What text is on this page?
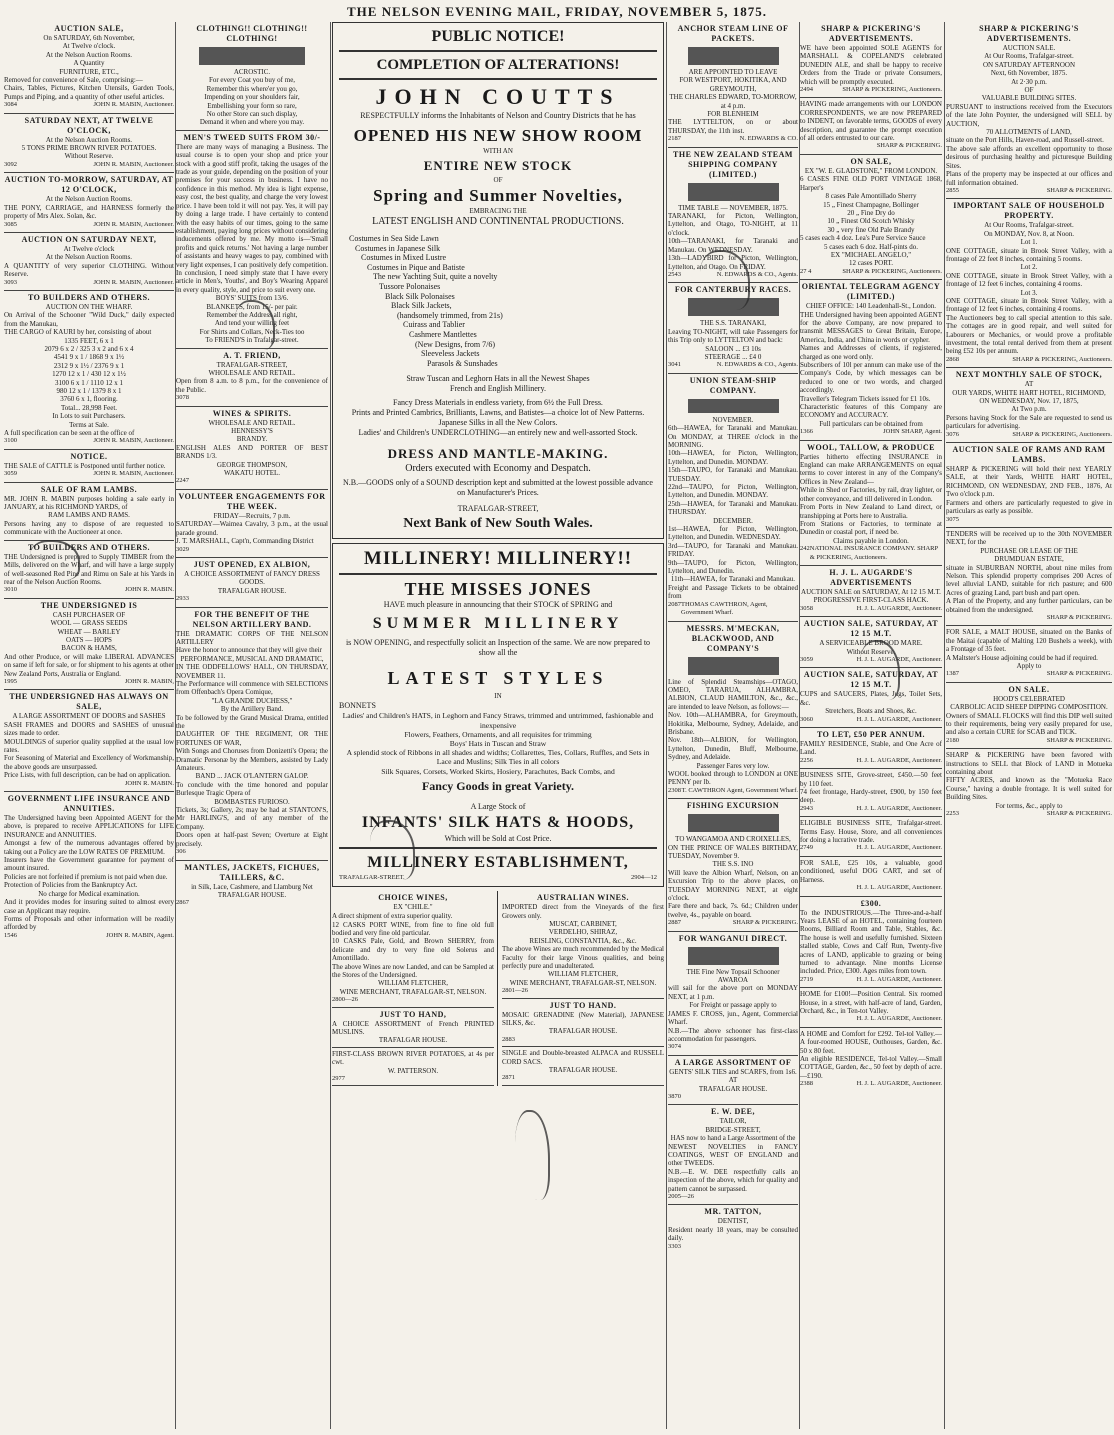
THE NELSON EVENING MAIL, FRIDAY, NOVEMBER 5, 1875.
AUCTION SALE,
On SATURDAY, 6th November,
At Twelve o'clock.
At the Nelson Auction Rooms.
A Quantity
FURNITURE, ETC.,
Removed for convenience of Sale, comprising:—
Chairs, Tables, Pictures, Kitchen Utensils, Garden Tools, Pumps and Piping, and a quantity of other useful articles.
3084	JOHN R. MABIN, Auctioneer.
SATURDAY NEXT, AT TWELVE O'CLOCK,
At the Nelson Auction Rooms.
5 TONS PRIME BROWN RIVER POTATOES.
Without Reserve.
3092	JOHN R. MABIN, Auctioneer.
AUCTION TO-MORROW, SATURDAY, AT 12 O'CLOCK,
At the Nelson Auction Rooms.
THE PONY, CARRIAGE, and HARNESS formerly the property of Mrs Alex. Solan, &c.
3085	JOHN R. MABIN, Auctioneer.
AUCTION ON SATURDAY NEXT,
At Twelve o'clock
At the Nelson Auction Rooms.
A QUANTITY of very superior CLOTHING. Without Reserve.
3093	JOHN R. MABIN, Auctioneer.
TO BUILDERS AND OTHERS.
AUCTION ON THE WHARF.
On Arrival of the Schooner "Wild Duck," daily expected from the Manukau,
THE CARGO of KAURI by her, consisting of about
1335 FEET, 6 x 1
2079 6 x 2 / 325 3 x 2 and 6 x 4
4541 9 x 1 / 1868 9 x 1½
2312 9 x 1½ / 2376 9 x 1
1270 12 x 1 / 430 12 x 1½
3100 6 x 1 / 1110 12 x 1
980 12 x 1 / 1379 8 x 1
3760 6 x 1, flooring.
Total... 28,998 Feet.
In Lots to suit Purchasers.
Terms at Sale.
A full specification can be seen at the office of
3100	JOHN R. MABIN, Auctioneer.
NOTICE.
THE SALE of CATTLE is Postponed until further notice.
3059	JOHN R. MABIN, Auctioneer.
SALE OF RAM LAMBS.
MR. JOHN R. MABIN purposes holding a sale early in JANUARY, at his RICHMOND YARDS, of
RAM LAMBS AND RAMS.
Persons having any to dispose of are requested to communicate with the Auctioneer at once.
TO BUILDERS AND OTHERS.
THE Undersigned is prepared to Supply TIMBER from the Mills, delivered on the Wharf, and will have a large supply of well-seasoned Red Pine and Rimu on Sale at his Yards in rear of the Nelson Auction Rooms.
3010	JOHN R. MABIN.
THE UNDERSIGNED IS
CASH PURCHASER OF
WOOL — GRASS SEEDS
WHEAT — BARLEY
OATS — HOPS
BACON & HAMS,
And other Produce, or will make LIBERAL ADVANCES on same if left for sale, or for shipment to his agents at other New Zealand Ports, Australia or England.
1995	JOHN R. MABIN,
THE UNDERSIGNED HAS ALWAYS ON SALE,
A LARGE ASSORTMENT OF DOORS and SASHES
SASH FRAMES and DOORS and SASHES of unusual sizes made to order.
MOULDINGS of superior quality supplied at the usual low rates.
For Seasoning of Material and Excellency of Workmanship, the above goods are unsurpassed.
Price Lists, with full description, can be had on application.
JOHN R. MABIN.
GOVERNMENT LIFE INSURANCE AND ANNUITIES.
The Undersigned having been Appointed AGENT for the above, is prepared to receive APPLICATIONS for LIFE INSURANCE and ANNUITIES.
Amongst a few of the numerous advantages offered by taking out a Policy are the LOW RATES OF PREMIUM.
Insurers have the Government guarantee for payment of amount insured.
Policies are not forfeited if premium is not paid when due.
Protection of Policies from the Bankruptcy Act.
No charge for Medical examination.
And it provides modes for insuring suited to almost every case an Applicant may require.
Forms of Proposals and other information will be readily afforded by
1546	JOHN R. MABIN, Agent.
CLOTHING!! CLOTHING!! CLOTHING!
ACROSTIC.
For every Coat you buy of me,
Remember this where'er you go,
Impending on your shoulders fair,
Embellishing your form so rare,
No other Store can such display,
Demand it when and where you may.
MEN'S TWEED SUITS FROM 30/-
There are many ways of managing a Business. The usual course is to open your shop and price your stock with a good stiff profit, taking the usages of the trade as your guide, depending on the position of your premises for your success in business. I have no confidence in this method. My idea is light expense, easy cost, the best quality, and charge the very lowest price. I have been told it will not pay. Yes, it will pay by doing a large trade. I have certainly to contend with the easy habits of our times, going to the same establishment, paying long prices without considering inducements offered by me. My motto is—'Small profits and quick returns.' Not having a large number of assistants and heavy wages to pay, combined with very light expenses, I can positively defy competition. In conclusion, I need simply state that I have every article in Men's, Youths', and Boy's Wearing Apparel in every quality, style, and price to suit every one.
BOYS' SUITS from 13/6.
BLANKETS, from 15/- per pair.
Remember the Address all right,
And tend your willing feet
For Shirts and Collars, Neck-Ties too
To FRIEND'S in Trafalgar-street.
A. T. FRIEND,
TRAFALGAR-STREET,
WHOLESALE AND RETAIL.
Open from 8 a.m. to 8 p.m., for the convenience of the Public.
3078
WINES & SPIRITS.
WHOLESALE AND RETAIL.
HENNESSY'S
BRANDY.
ENGLISH ALES AND PORTER OF BEST BRANDS 1/3.
GEORGE THOMPSON,
WAKATU HOTEL.
2247
VOLUNTEER ENGAGEMENTS FOR THE WEEK.
FRIDAY—Recruits, 7 p.m.
SATURDAY—Waimea Cavalry, 3 p.m., at the usual parade ground.
J. T. MARSHALL, Capt'n, Commanding District
3029
JUST OPENED, EX ALBION,
A CHOICE ASSORTMENT of FANCY DRESS GOODS.
TRAFALGAR HOUSE.
2933
FOR THE BENEFIT OF THE NELSON ARTILLERY BAND.
THE DRAMATIC CORPS OF THE NELSON ARTILLERY
Have the honor to announce that they will give their
PERFORMANCE, MUSICAL AND DRAMATIC,
IN THE ODDFELLOWS' HALL, ON THURSDAY, NOVEMBER 11.
The Performance will commence with SELECTIONS from Offenbach's Opera Comique,
"LA GRANDE DUCHESS,"
By the Artillery Band.
To be followed by the Grand Musical Drama, entitled the
DAUGHTER OF THE REGIMENT, OR THE FORTUNES OF WAR,
With Songs and Choruses from Donizetti's Opera; the Dramatic Personæ by the Members, assisted by Lady Amateurs.
BAND ... JACK O'LANTERN GALOP.
To conclude with the time honored and popular Burlesque Tragic Opera of
BOMBASTES FURIOSO.
Tickets, 3s; Gallery, 2s; may be had at STANTON'S, Mr HARLING'S, and of any member of the Company.
Doors open at half-past Seven; Overture at Eight precisely.
306
MANTLES, JACKETS, FICHUES, TAILLERS, &C.
in Silk, Lace, Cashmere, and Llamburg Net
TRAFALGAR HOUSE.
2867
PUBLIC NOTICE!
COMPLETION OF ALTERATIONS!
JOHN COUTTS
RESPECTFULLY informs the Inhabitants of Nelson and Country Districts that he has
OPENED HIS NEW SHOW ROOM
WITH AN
ENTIRE NEW STOCK
OF
Spring and Summer Novelties,
EMBRACING THE
LATEST ENGLISH AND CONTINENTAL PRODUCTIONS.
Costumes in Sea Side Lawn
Costumes in Japanese Silk
Costumes in Mixed Lustre
Costumes in Pique and Batiste
The new Yachting Suit, quite a novelty
Tussore Polonaises
Black Silk Polonaises
Black Silk Jackets,
(handsomely trimmed, from 21s)
Cuirass and Tablier
Cashmere Mantlettes
(New Designs, from 7/6)
Sleeveless Jackets
Parasols & Sunshades
Straw Tuscan and Leghorn Hats in all the Newest Shapes
French and English Millinery.
Fancy Dress Materials in endless variety, from 6½ the Full Dress.
Prints and Printed Cambrics, Brilliants, Lawns, and Batistes—a choice lot of New Patterns.
Japanese Silks in all the New Colors.
Ladies' and Children's UNDERCLOTHING—an entirely new and well-assorted Stock.
DRESS AND MANTLE-MAKING.
Orders executed with Economy and Despatch.
N.B.—GOODS only of a SOUND description kept and submitted at the lowest possible advance on Manufacturer's Prices.
TRAFALGAR-STREET,
Next Bank of New South Wales.
MILLINERY! MILLINERY!!
THE MISSES JONES
HAVE much pleasure in announcing that their STOCK of SPRING and
SUMMER MILLINERY
is NOW OPENING, and respectfully solicit an Inspection of the same. We are now prepared to show all the
LATEST STYLES
IN
BONNETS
Ladies' and Children's HATS, in Leghorn and Fancy Straws, trimmed and untrimmed, fashionable and inexpensive
Flowers, Feathers, Ornaments, and all requisites for trimming
Boys' Hats in Tuscan and Straw
A splendid stock of Ribbons in all shades and widths; Collarettes, Ties, Collars, Ruffles, and Sets in Lace and Muslins; Silk Ties in all colors
Silk Squares, Corsets, Worked Skirts, Hosiery, Parachutes, Back Combs, and
Fancy Goods in great Variety.
A Large Stock of
INFANTS' SILK HATS & HOODS,
Which will be Sold at Cost Price.
MILLINERY ESTABLISHMENT,
TRAFALGAR-STREET.	2904—12
CHOICE WINES,
EX "CHILE."
A direct shipment of extra superior quality.
12 CASKS PORT WINE, from fine to fine old full bodied and very fine old particular.
10 CASKS Pale, Gold, and Brown SHERRY, from delicate and dry to very fine old Solerus and Amontillado.
The above Wines are now Landed, and can be Sampled at the Stores of the Undersigned.
WILLIAM FLETCHER,
WINE MERCHANT, TRAFALGAR-ST, NELSON.
2800—26
JUST TO HAND,
A CHOICE ASSORTMENT of French PRINTED MUSLINS.
TRAFALGAR HOUSE.
FIRST-CLASS BROWN RIVER POTATOES, at 4s per cwt.
W. PATTERSON.
2977
AUSTRALIAN WINES.
IMPORTED direct from the Vineyards of the first Growers only.
MUSCAT, CARBINET,
VERDELHO, SHIRAZ,
REISLING, CONSTANTIA, &c., &c.
The above Wines are much recommended by the Medical Faculty for their large Vinous qualities, and being perfectly pure and unadulterated.
WILLIAM FLETCHER,
WINE MERCHANT, TRAFALGAR-ST, NELSON.
2801—26
JUST TO HAND.
MOSAIC GRENADINE (New Material), JAPANESE SILKS, &c.
TRAFALGAR HOUSE.
2883
SINGLE and Double-breasted ALPACA and RUSSELL CORD SACS.
TRAFALGAR HOUSE.
2871
ANCHOR STEAM LINE OF PACKETS.
ARE APPOINTED TO LEAVE
FOR WESTPORT, HOKITIKA, AND GREYMOUTH,
THE CHARLES EDWARD, TO-MORROW, at 4 p.m.
FOR BLENHEIM
THE LYTTELTON, on or about THURSDAY, the 11th inst.
2187	N. EDWARDS & CO.
THE NEW ZEALAND STEAM SHIPPING COMPANY (LIMITED.)
TIME TABLE — NOVEMBER, 1875.
TARANAKI, for Picton, Wellington, Lyttelton, and Otago, TO-NIGHT, at 11 o'clock.
10th—TARANAKI, for Taranaki and Manukau. On WEDNESDAY.
13th—LADYBIRD for Picton, Wellington, Lyttelton, and Otago. On FRIDAY.
2543	N. EDWARDS & CO., Agents.
FOR CANTERBURY RACES.
THE S.S. TARANAKI,
Leaving TO-NIGHT, will take Passengers for this Trip only to LYTTELTON and back:
SALOON ... £3 10s
STEERAGE ... £4 0
3041	N. EDWARDS & CO., Agents.
UNION STEAM-SHIP COMPANY.
NOVEMBER.
6th—HAWEA, for Taranaki and Manukau. On MONDAY, at THREE o'clock in the MORNING.
10th—HAWEA, for Picton, Wellington, Lyttelton, and Dunedin. MONDAY.
15th—TAUPO, for Taranaki and Manukau. TUESDAY.
22nd—TAUPO, for Picton, Wellington, Lyttelton, and Dunedin. MONDAY.
25th—HAWEA, for Taranaki and Manukau. THURSDAY.
DECEMBER.
1st—HAWEA, for Picton, Wellington, Lyttelton, and Dunedin. WEDNESDAY.
3rd—TAUPO, for Taranaki and Manukau. FRIDAY.
9th—TAUPO, for Picton, Wellington, Lyttelton, and Dunedin.
11th—HAWEA, for Taranaki and Manukau.
Freight and Passage Tickets to be obtained from
2087 THOMAS CAWTHRON, Agent, Government Wharf.
MESSRS. M'MECKAN, BLACKWOOD, AND COMPANY'S
Line of Splendid Steamships—OTAGO, OMEO, TARARUA, ALHAMBRA, ALBION, CLAUD HAMILTON, &c., &c., are intended to leave Nelson, as follows:—
Nov. 10th—ALHAMBRA, for Greymouth, Hokitika, Melbourne, Sydney, Adelaide, and Brisbane.
Nov. 18th—ALBION, for Wellington, Lyttelton, Dunedin, Bluff, Melbourne, Sydney, and Adelaide.
Passenger Fares very low.
WOOL booked through to LONDON at ONE PENNY per lb.
2308 T. CAWTHRON Agent, Government Wharf.
FISHING EXCURSION
TO WANGAMOA AND CROIXELLES,
ON THE PRINCE OF WALES BIRTHDAY, TUESDAY, November 9.
THE S.S. INO
Will leave the Albion Wharf, Nelson, on an Excursion Trip to the above places, on TUESDAY MORNING NEXT, at eight o'clock.
Fare there and back, 7s. 6d.; Children under twelve, 4s., payable on board.
2887	SHARP & PICKERING.
FOR WANGANUI DIRECT.
THE Fine New Topsail Schooner
AWAROA
will sail for the above port on MONDAY NEXT, at 1 p.m.
For Freight or passage apply to
JAMES F. CROSS, jun., Agent, Commercial Wharf.
N.B.—The above schooner has first-class accommodation for passengers.
3074
A LARGE ASSORTMENT OF
GENTS' SILK TIES and SCARFS, from 1s6.
AT
TRAFALGAR HOUSE.
3870
E. W. DEE,
TAILOR,
BRIDGE-STREET,
HAS now to hand a Large Assortment of the
NEWEST NOVELTIES in FANCY COATINGS, WEST OF ENGLAND and other TWEEDS.
N.B.—E. W. DEE respectfully calls an inspection of the above, which for quality and pattern cannot be surpassed.
2005—26
MR. TATTON,
DENTIST,
Resident nearly 18 years, may be consulted daily.
3303
SHARP & PICKERING'S ADVERTISEMENTS.
WE have been appointed SOLE AGENTS for MARSHALL & COPELAND'S celebrated DUNEDIN ALE, and shall be happy to receive Orders from the Trade or private Consumers, which will be promptly executed.
2494	SHARP & PICKERING, Auctioneers.
HAVING made arrangements with our LONDON CORRESPONDENTS, we are now PREPARED to INDENT, on favorable terms, GOODS of every description, and guarantee the prompt execution of all orders entrusted to our care.
SHARP & PICKERING.
ON SALE,
EX "W. E. GLADSTONE," FROM LONDON.
6 CASES FINE OLD PORT VINTAGE 1868, Harper's
8 cases Pale Amontillado Sherry
15 „ Finest Champagne, Bollinger
20 „ Fine Dry do
10 „ Finest Old Scotch Whisky
30 „ very fine Old Pale Brandy
5 cases each 4 doz. Lea's Pure Service Sauce
5 cases each 6 doz. Half-pints do.
EX "MICHAEL ANGELO,"
12 cases PORT.
27 4	SHARP & PICKERING, Auctioneers.
ORIENTAL TELEGRAM AGENCY (LIMITED.)
CHIEF OFFICE: 140 Leadenhall-St., London.
THE Undersigned having been appointed AGENT for the above Company, are now prepared to transmit MESSAGES to Great Britain, Europe, America, India, and China in words or cypher.
Names and Addresses of clients, if registered, charged as one word only.
Subscribers of 10l per annum can make use of the Company's Code, by which messages can be reduced to one or two words, and charged accordingly.
Traveller's Telegram Tickets issued for £1 10s.
Characteristic features of this Company are ECONOMY and ACCURACY.
Full particulars can be obtained from
1366	JOHN SHARP, Agent.
WOOL, TALLOW, & PRODUCE
Parties hitherto effecting INSURANCE in England can make ARRANGEMENTS on equal terms to cover interest in any of the Company's Offices in New Zealand—
While in Shed or Factories, by rail, dray lighter, or other conveyance, and till delivered in London.
From Ports in New Zealand to Land direct, or transhipping at Ports here to Australia.
From Stations or Factories, to terminate at Dunedin or coastal port, if need be.
Claims payable in London.
242 NATIONAL INSURANCE COMPANY. SHARP & PICKERING, Auctioneers.
H. J. L. AUGARDE'S ADVERTISEMENTS
AUCTION SALE on SATURDAY, At 12 15 M.T.
PROGRESSIVE FIRST-CLASS HACK.
3058	H. J. L. AUGARDE, Auctioneer.
AUCTION SALE, SATURDAY, AT 12 15 M.T.
A SERVICEABLE BROOD MARE.
Without Reserve.
3059	H. J. L. AUGARDE, Auctioneer.
AUCTION SALE, SATURDAY, AT 12 15 M.T.
CUPS and SAUCERS, Plates, Jugs, Toilet Sets, &c.
Stretchers, Boats and Shoes, &c.
3060	H. J. L. AUGARDE, Auctioneer.
TO LET, £50 PER ANNUM.
FAMILY RESIDENCE, Stable, and One Acre of Land.
2256	H. J. L. AUGARDE, Auctioneer.
BUSINESS SITE, Grove-street, £450.—50 feet by 110 feet.
74 feet frontage, Hardy-street, £900, by 150 feet deep.
2943	H. J. L. AUGARDE, Auctioneer.
ELIGIBLE BUSINESS SITE, Trafalgar-street. Terms Easy. House, Store, and all conveniences for doing a lucrative trade.
2749	H. J. L. AUGARDE, Auctioneer.
FOR SALE, £25 10s, a valuable, good conditioned, useful DOG CART, and set of Harness.
H. J. L. AUGARDE, Auctioneer.
£300.
To the INDUSTRIOUS.—The Three-and-a-half Years LEASE of an HOTEL, containing fourteen Rooms, Billiard Room and Table, Stables, &c. The house is well and usefully furnished. Sixteen stalled stable, Cows and Calf Run, Twenty-five acres of LAND, applicable to grazing or being turned to advantage. Nine months License included. Price, £300. Ages miles from town.
2719	H. J. L. AUGARDE, Auctioneer.
HOME for £100!—Position Central. Six roomed House, in a street, with half-acre of land, Garden, Orchard, &c., in Ten-tot Valley.
H. J. L. AUGARDE, Auctioneer.
A HOME and Comfort for £292. Tel-tol Valley.—A four-roomed HOUSE, Outhouses, Garden, &c. 50 x 80 feet.
An eligible RESIDENCE, Tel-tol Valley.—Small COTTAGE, Garden, &c., 50 feet by depth of acre.—£190.
2388	H. J. L. AUGARDE, Auctioneer.
SHARP & PICKERING'S ADVERTISEMENTS.
AUCTION SALE.
At Our Rooms, Trafalgar-street.
ON SATURDAY AFTERNOON
Next, 6th November, 1875.
At 2·30 p.m.
OF
VALUABLE BUILDING SITES.
PURSUANT to instructions received from the Executors of the late John Poynter, the undersigned will SELL by AUCTION,
70 ALLOTMENTS of LAND,
situate on the Port Hills, Haven-road, and Russell-street.
The above sale affords an excellent opportunity to those desirous of purchasing healthy and picturesque Building Sites.
Plans of the property may be inspected at our offices and full information obtained.
2855	SHARP & PICKERING.
IMPORTANT SALE OF HOUSEHOLD PROPERTY.
At Our Rooms, Trafalgar-street.
On MONDAY, Nov. 8, at Noon.
Lot 1.
ONE COTTAGE, situate in Brook Street Valley, with a frontage of 22 feet 8 inches, containing 5 rooms.
Lot 2.
ONE COTTAGE, situate in Brook Street Valley, with a frontage of 12 feet 6 inches, containing 4 rooms.
Lot 3.
ONE COTTAGE, situate in Brook Street Valley, with a frontage of 12 feet 6 inches, containing 4 rooms.
The Auctioneers beg to call special attention to this sale. The cottages are in good repair, and well suited for Labourers or Mechanics, or would prove a profitable investment, the total rental derived from them at present being £52 10s per annum.
2868	SHARP & PICKERING, Auctioneers.
NEXT MONTHLY SALE OF STOCK,
AT
OUR YARDS, WHITE HART HOTEL, RICHMOND,
ON WEDNESDAY, Nov. 17, 1875,
At Two p.m.
Persons having Stock for the Sale are requested to send us particulars for advertising.
3076	SHARP & PICKERING, Auctioneers.
AUCTION SALE OF RAMS AND RAM LAMBS.
SHARP & PICKERING will hold their next YEARLY SALE, at their Yards, WHITE HART HOTEL, RICHMOND, ON WEDNESDAY, 2ND FEB., 1876, At Two o'clock p.m.
Farmers and others are particularly requested to give in particulars as early as possible.
3075
TENDERS will be received up to the 30th NOVEMBER NEXT, for the
PURCHASE OR LEASE OF THE
DRUMDUAN ESTATE,
situate in SUBURBAN NORTH, about nine miles from Nelson. This splendid property comprises 200 Acres of level alluvial LAND, suitable for rich pasture; and 600 Acres of grazing Land, part bush and part open.
A Plan of the Property, and any further particulars, can be obtained from the undersigned.
SHARP & PICKERING.
FOR SALE, a MALT HOUSE, situated on the Banks of the Maitai (capable of Malting 120 Bushels a week), with a Frontage of 35 feet.
A Maltster's House adjoining could be had if required.
Apply to
1387	SHARP & PICKERING.
ON SALE.
HOOD'S CELEBRATED
CARBOLIC ACID SHEEP DIPPING COMPOSITION.
Owners of SMALL FLOCKS will find this DIP well suited to their requirements, being very easily prepared for use, and also a certain CURE for SCAB and TICK.
2180	SHARP & PICKERING.
SHARP & PICKERING have been favored with instructions to SELL that Block of LAND in Motueka containing about
FIFTY ACRES, and known as the "Motueka Race Course," having a double frontage. It is well suited for Building Sites.
For terms, &c., apply to
2253	SHARP & PICKERING.
